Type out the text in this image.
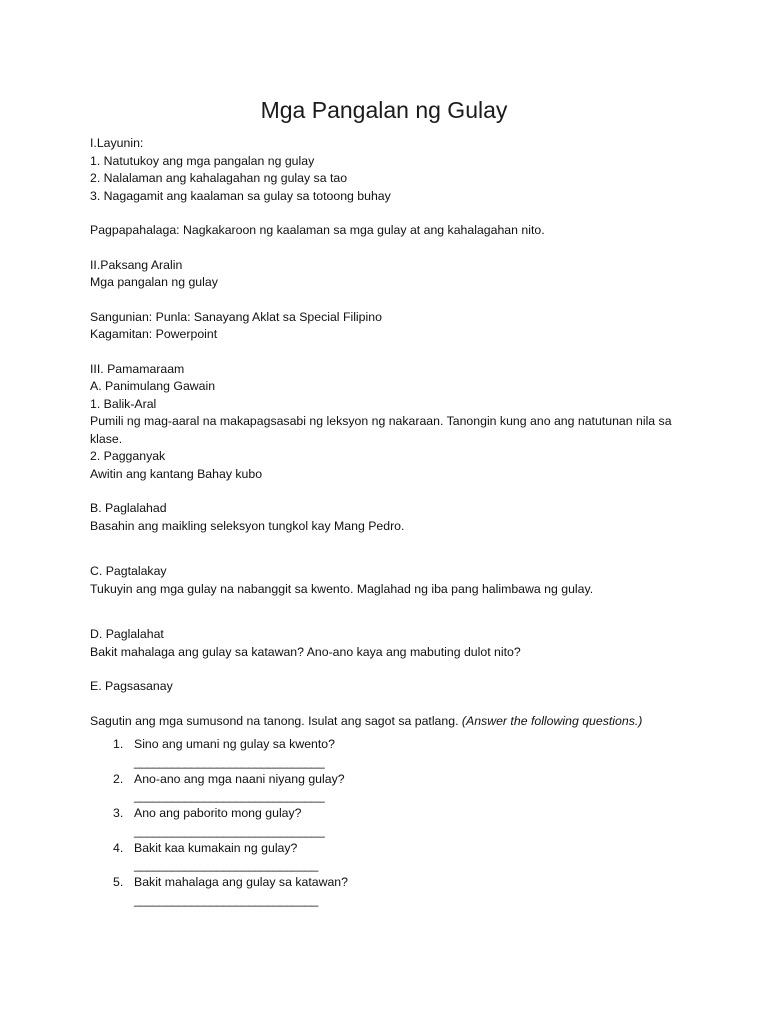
Mga Pangalan ng Gulay
I.Layunin:
1. Natutukoy ang mga pangalan ng gulay
2. Nalalaman ang kahalagahan ng gulay sa tao
3. Nagagamit ang kaalaman sa gulay sa totoong buhay
Pagpapahalaga: Nagkakaroon ng kaalaman sa mga gulay at ang kahalagahan nito.
II.Paksang Aralin
Mga pangalan ng gulay
Sangunian: Punla: Sanayang Aklat sa Special Filipino
Kagamitan: Powerpoint
III. Pamamaraam
A. Panimulang Gawain
1. Balik-Aral
Pumili ng mag-aaral na makapagsasabi ng leksyon ng nakaraan. Tanongin kung ano ang natutunan nila sa klase.
2. Pagganyak
Awitin ang kantang Bahay kubo
B. Paglalahad
Basahin ang maikling seleksyon tungkol kay Mang Pedro.
C. Pagtalakay
Tukuyin ang mga gulay na nabanggit sa kwento. Maglahad ng iba pang halimbawa ng gulay.
D. Paglalahat
Bakit mahalaga ang gulay sa katawan? Ano-ano kaya ang mabuting dulot nito?
E. Pagsasanay
Sagutin ang mga sumusond na tanong. Isulat ang sagot sa patlang. (Answer the following questions.)
1. Sino ang umani ng gulay sa kwento?
______________________________
2. Ano-ano ang mga naani niyang gulay?
______________________________
3. Ano ang paborito mong gulay?
______________________________
4. Bakit kaa kumakain ng gulay?
_____________________________
5. Bakit mahalaga ang gulay sa katawan?
_____________________________
